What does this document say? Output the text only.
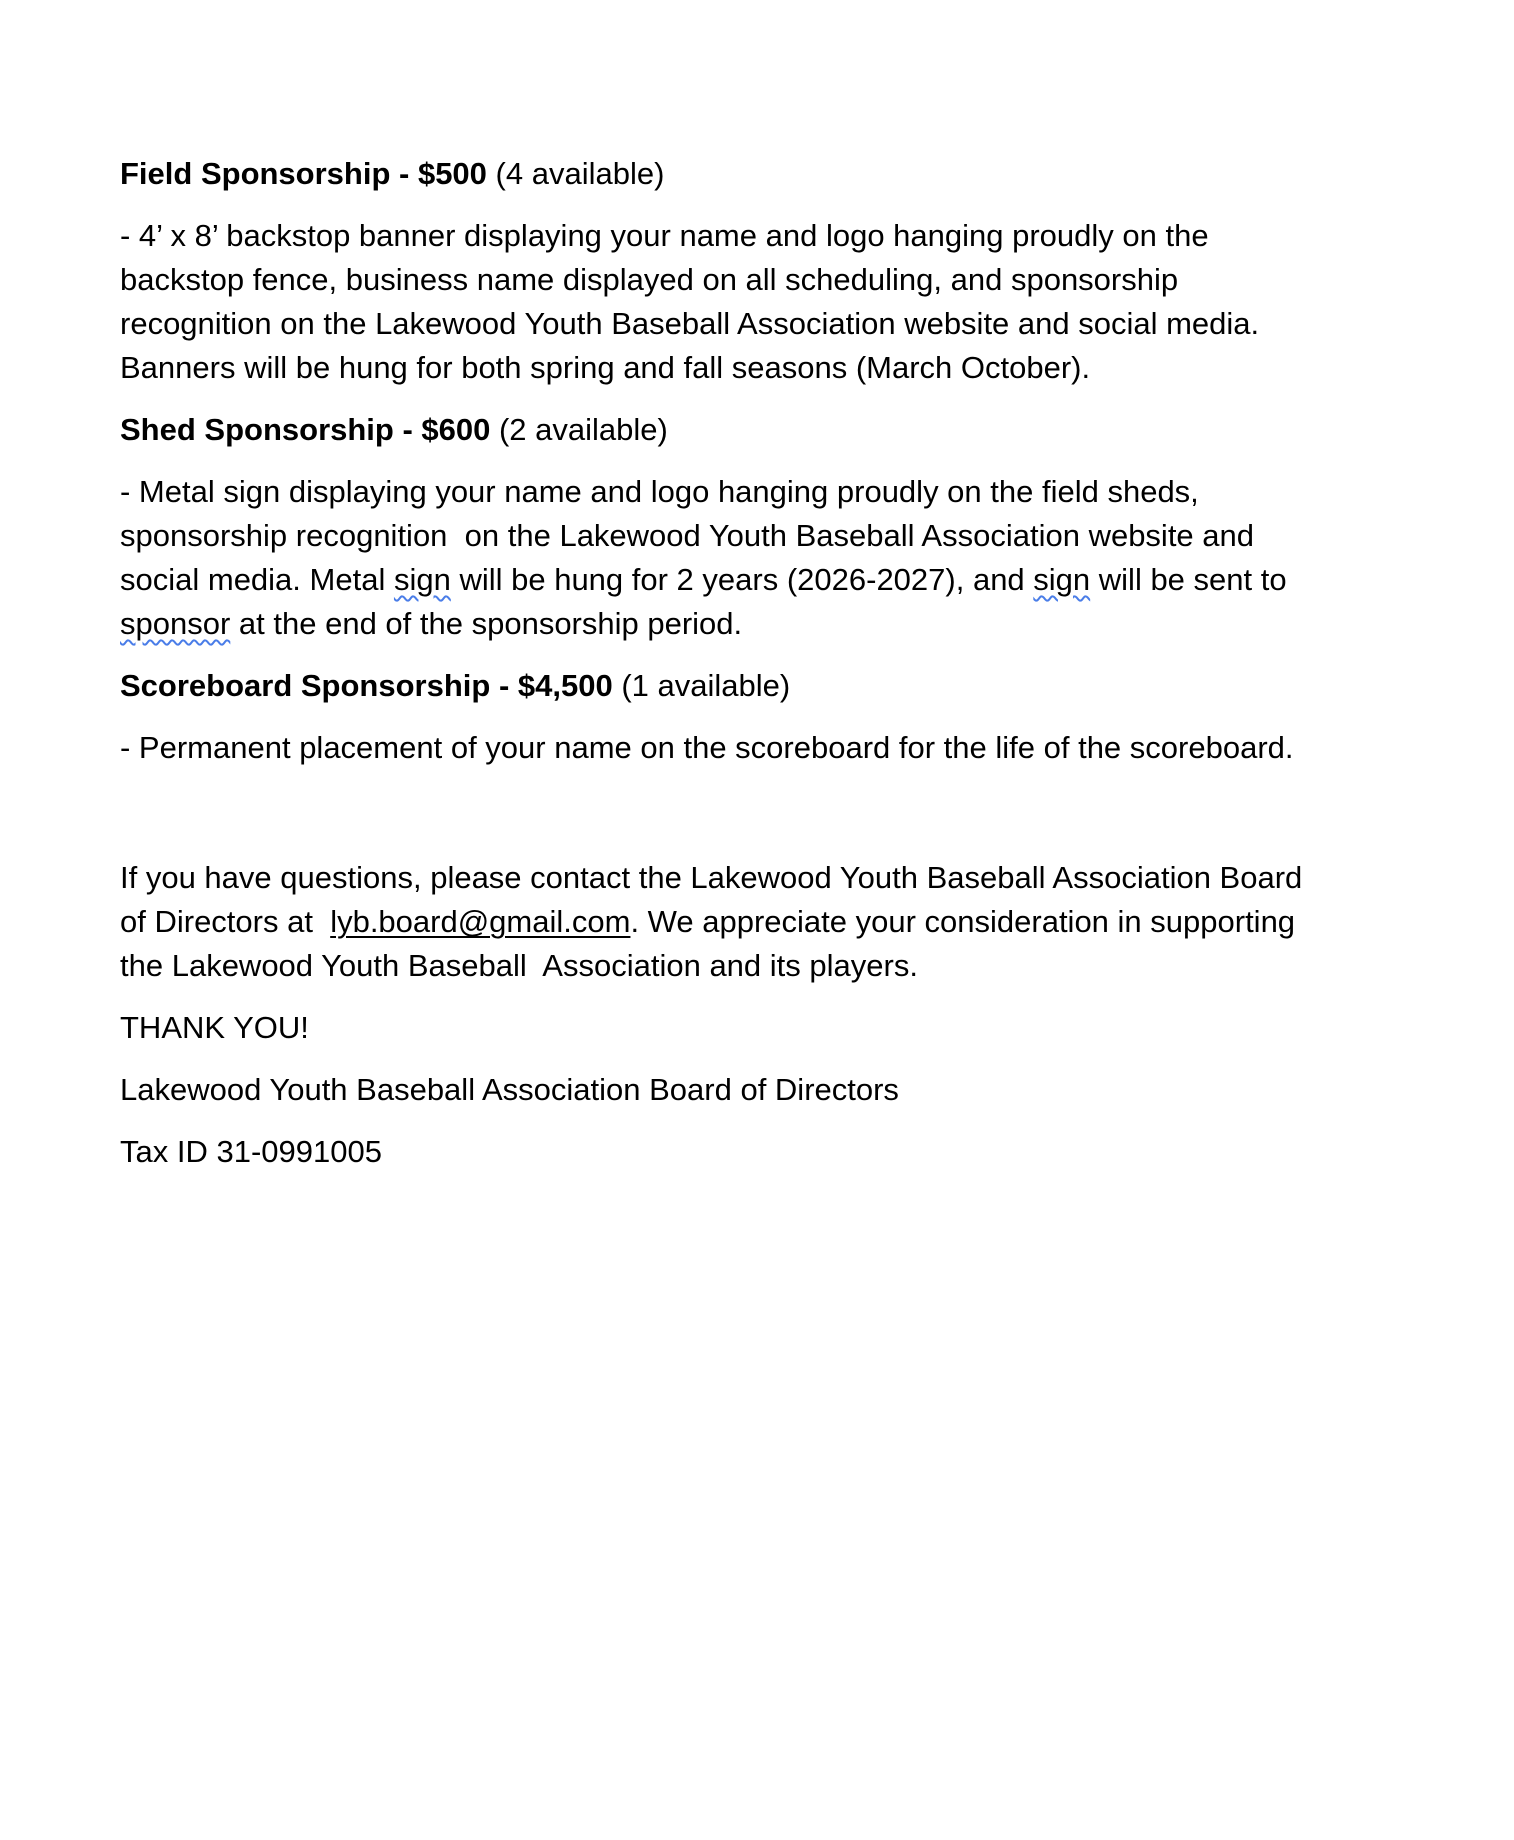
Field Sponsorship - $500 (4 available)
- 4’ x 8’ backstop banner displaying your name and logo hanging proudly on the
backstop fence, business name displayed on all scheduling, and sponsorship
recognition on the Lakewood Youth Baseball Association website and social media.
Banners will be hung for both spring and fall seasons (March October).
Shed Sponsorship - $600 (2 available)
- Metal sign displaying your name and logo hanging proudly on the field sheds,
sponsorship recognition  on the Lakewood Youth Baseball Association website and
social media. Metal sign will be hung for 2 years (2026-2027), and sign will be sent to
sponsor at the end of the sponsorship period.
Scoreboard Sponsorship - $4,500 (1 available)
- Permanent placement of your name on the scoreboard for the life of the scoreboard.
If you have questions, please contact the Lakewood Youth Baseball Association Board
of Directors at  lyb.board@gmail.com. We appreciate your consideration in supporting
the Lakewood Youth Baseball  Association and its players.
THANK YOU!
Lakewood Youth Baseball Association Board of Directors
Tax ID 31-0991005
